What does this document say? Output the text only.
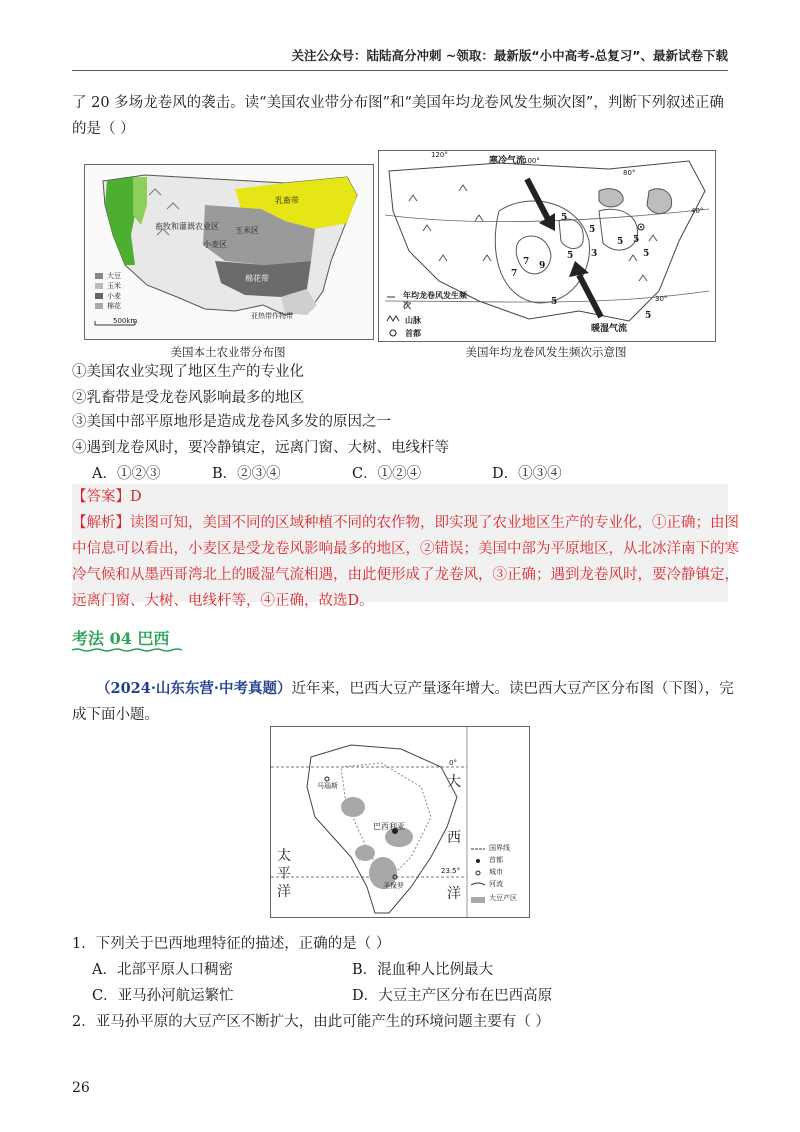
关注公众号：陆陆高分冲刺 ~领取：最新版“小中高考-总复习”、最新试卷下载
了 20 多场龙卷风的袭击。读“美国农业带分布图”和“美国年均龙卷风发生频次图”，判断下列叙述正确
的是（ ）
畜牧和灌溉农业区
乳畜带
玉米区
小麦区
棉花带
亚热带作物带
大豆
玉米
小麦
棉花
500km
美国本土农业带分布图
寒冷气流
暖湿气流
年均龙卷风发生频次
山脉
首都
120°
100°
80°
40°
30°
5
5
5
3
5
7 9
7
5
5
5
5
美国年均龙卷风发生频次示意图
①美国农业实现了地区生产的专业化
②乳畜带是受龙卷风影响最多的地区
③美国中部平原地形是造成龙卷风多发的原因之一
④遇到龙卷风时，要冷静镇定，远离门窗、大树、电线杆等
A．①②③	B．②③④	C．①②④	D．①③④
【答案】D
【解析】读图可知，美国不同的区域种植不同的农作物，即实现了农业地区生产的专业化，①正确；由图
中信息可以看出，小麦区是受龙卷风影响最多的地区，②错误；美国中部为平原地区，从北冰洋南下的寒
冷气候和从墨西哥湾北上的暖湿气流相遇，由此便形成了龙卷风，③正确；遇到龙卷风时，要冷静镇定，
远离门窗、大树、电线杆等，④正确，故选D。
考法 04 巴西
（2024·山东东营·中考真题）近年来，巴西大豆产量逐年增大。读巴西大豆产区分布图（下图），完
成下面小题。
大
西
洋
太
平
洋
0°
23.5°
巴西利亚
马瑙斯
圣保罗
国界线
首都
城市
河流
大豆产区
1．下列关于巴西地理特征的描述，正确的是（ ）
A．北部平原人口稠密	B．混血种人比例最大
C．亚马孙河航运繁忙	D．大豆主产区分布在巴西高原
2．亚马孙平原的大豆产区不断扩大，由此可能产生的环境问题主要有（ ）
26
